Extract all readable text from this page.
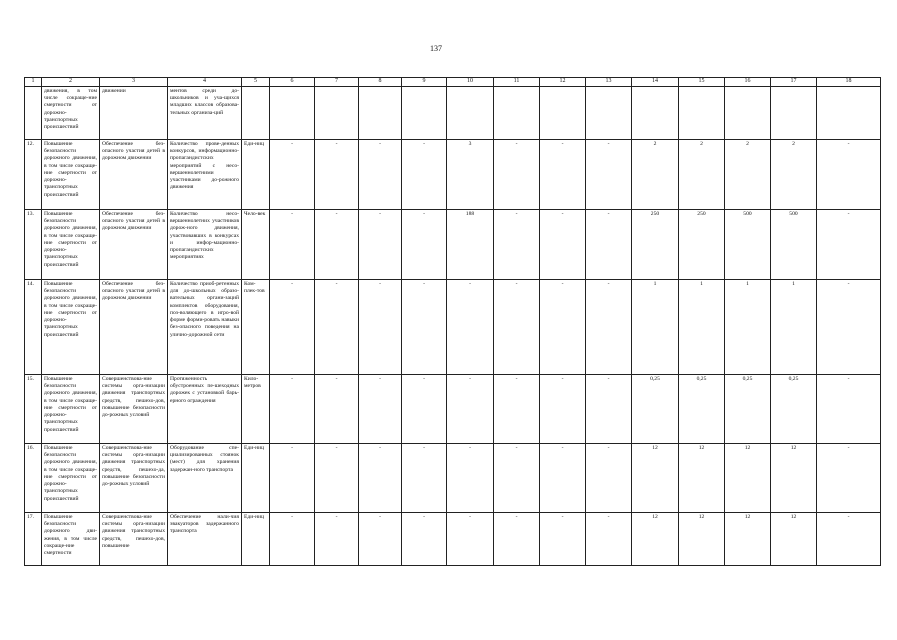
137
1	2	3	4	5	6	7	8	9	10	11	12	13	14	15	16	17	18
	движения, в том числе сокраще-ние смертности от дорожно-транспортных происшествий	движении	ментов среди до-школьников и уча-щихся младших классов образова-тельных организа-ций														
12.	Повышение безопасности дорожного движения, в том числе сокраще-ние смертности от дорожно-транспортных происшествий	Обеспечение без-опасного участия детей в дорожном движении	Количество прове-денных конкурсов, информационно-пропагандистских мероприятий с несо-вершеннолетними участниками до-рожного движения	Еди-ниц	-	-	-	-	3	-	-	-	2	2	2	2	-
13.	Повышение безопасности дорожного движения, в том числе сокраще-ние смертности от дорожно-транспортных происшествий	Обеспечение без-опасного участия детей в дорожном движении	Количество несо-вершеннолетних участников дорож-ного движения, участвовавших в конкурсах и инфор-мационно-пропагандистских мероприятиях	Чело-век	-	-	-	-	188	-	-	-	250	250	500	500	-
14.	Повышение безопасности дорожного движения, в том числе сокраще-ние смертности от дорожно-транспортных происшествий	Обеспечение без-опасного участия детей в дорожном движении	Количество приоб-ретенных для до-школьных образо-вательных органи-заций комплектов оборудования, поз-воляющего в игро-вой форме форми-ровать навыки без-опасного поведения на улично-дорожной сети	Ком-плек-тов	-	-	-	-	-	-	-	-	1	1	1	1	-
15.	Повышение безопасности дорожного движения, в том числе сокраще-ние смертности от дорожно-транспортных происшествий	Совершенствова-ние системы орга-низации движения транспортных средств, пешехо-дов, повышение безопасности до-рожных условий	Протяженность обустроенных пе-шеходных дорожек с установкой барь-ерного ограждения	Кило-метров	-	-	-	-	-	-	-	-	0,25	0,25	0,25	0,25	-
16.	Повышение безопасности дорожного движения, в том числе сокраще-ние смертности от дорожно-транспортных происшествий	Совершенствова-ние системы орга-низации движения транспортных средств, пешехо-да, повышение безопасности до-рожных условий	Оборудование спе-циализированных стоянок (мест) для хранения задержан-ного транспорта	Еди-ниц	-	-	-	-	-	-	-	-	12	12	12	12	-
17.	Повышение безопасности дорожного дви-жения, в том числе сокраще-ние смертности	Совершенствова-ние системы орга-низации движения транспортных средств, пешехо-дов, повышение	Обеспечение нали-чия эвакуаторов задержанного транспорта	Еди-ниц	-	-	-	-	-	-	-	-	12	12	12	12	-
